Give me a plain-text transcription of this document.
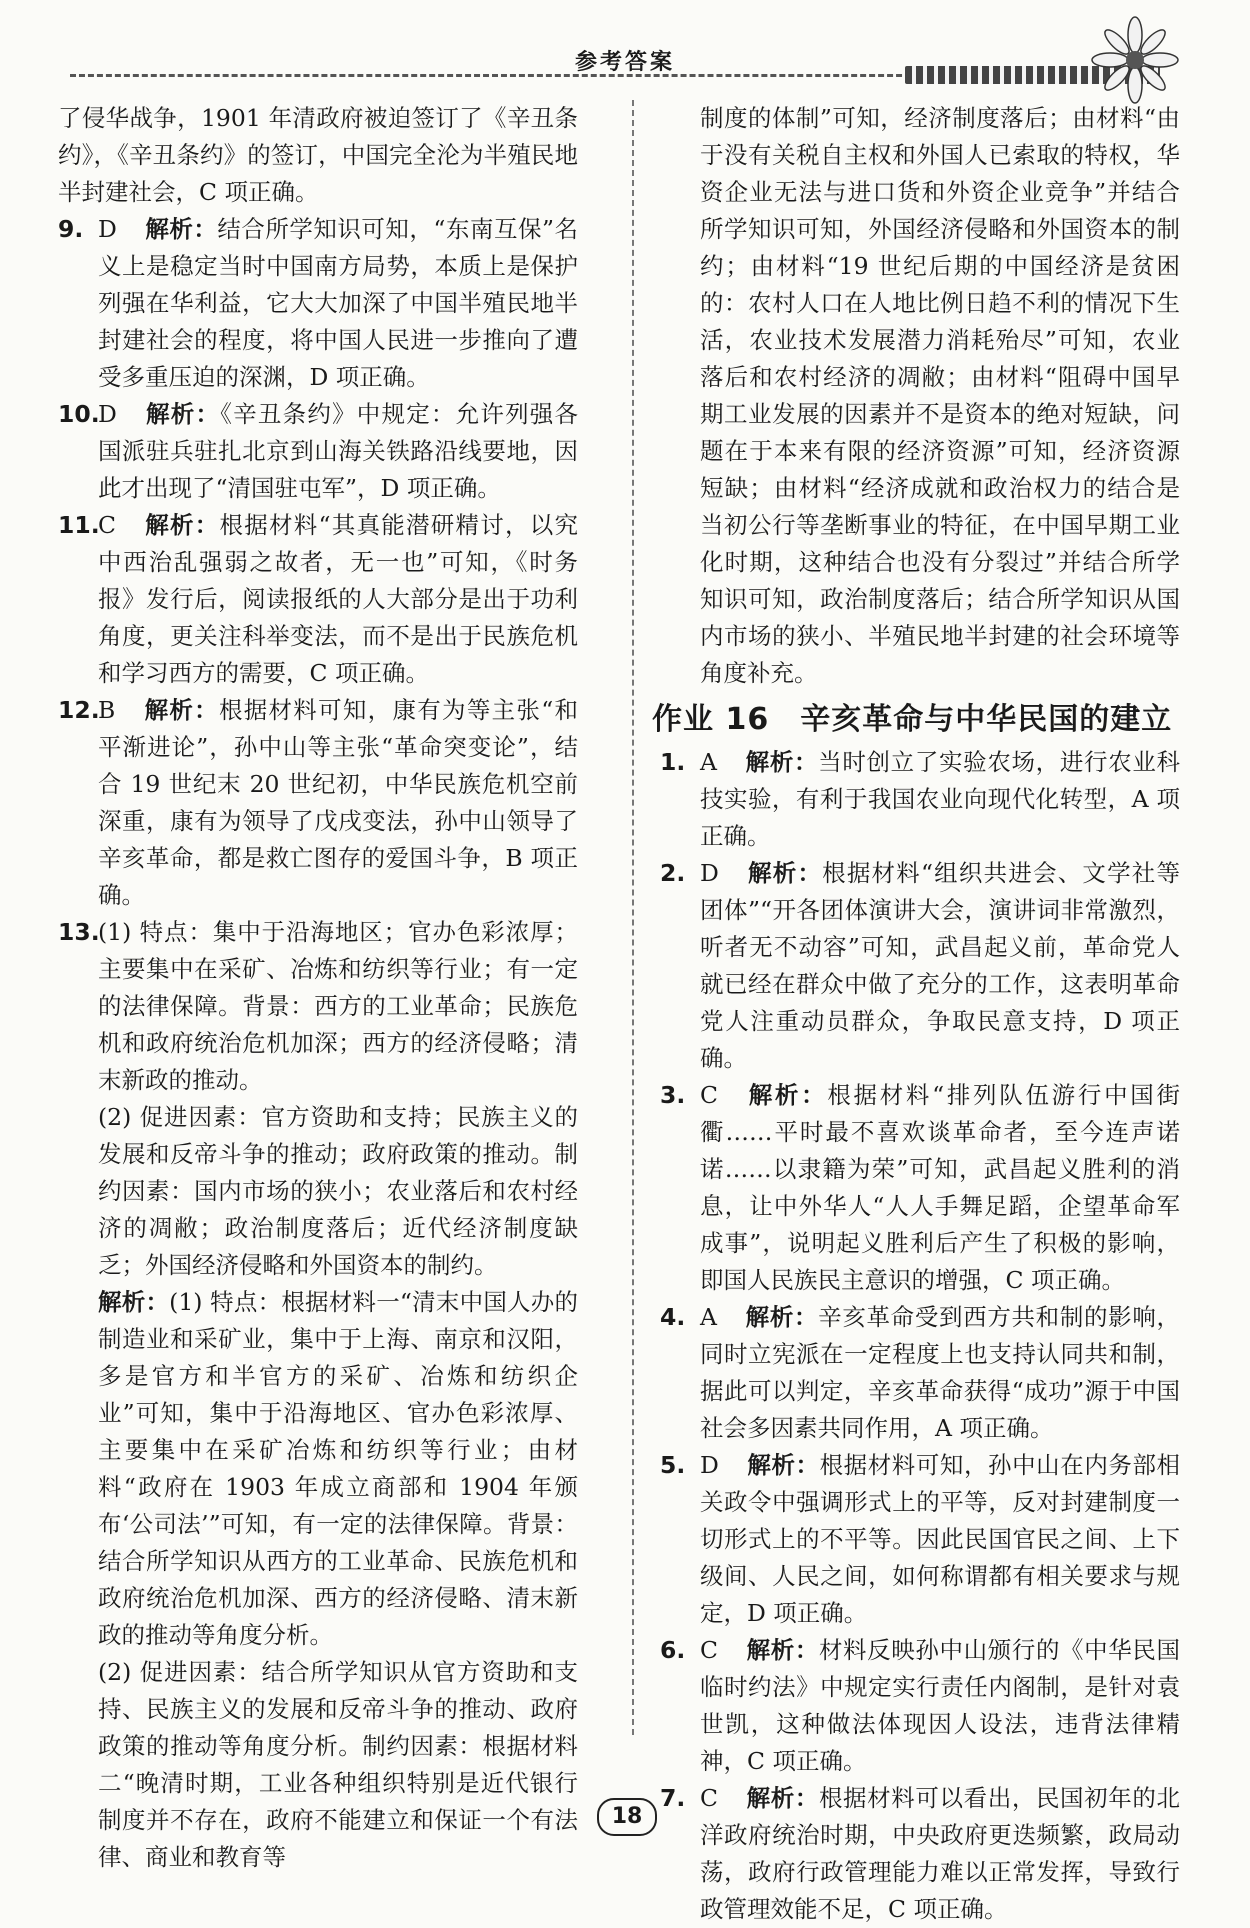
参考答案

了侵华战争，1901 年清政府被迫签订了《辛丑条约》，《辛丑条约》的签订，中国完全沦为半殖民地半封建社会，C 项正确。

9. D 解析：结合所学知识可知，“东南互保”名义上是稳定当时中国南方局势，本质上是保护列强在华利益，它大大加深了中国半殖民地半封建社会的程度，将中国人民进一步推向了遭受多重压迫的深渊，D 项正确。
10.
D 解析：《辛丑条约》中规定：允许列强各国派驻兵驻扎北京到山海关铁路沿线要地，因此才出现了“清国驻屯军”，D 项正确。
11.
C 解析：根据材料“其真能潜研精讨，以究中西治乱强弱之故者，无一也”可知，《时务报》发行后，阅读报纸的人大部分是出于功利角度，更关注科举变法，而不是出于民族危机和学习西方的需要，C 项正确。
12.
B 解析：根据材料可知，康有为等主张“和平渐进论”，孙中山等主张“革命突变论”，结合 19 世纪末 20 世纪初，中华民族危机空前深重，康有为领导了戊戌变法，孙中山领导了辛亥革命，都是救亡图存的爱国斗争，B 项正确。
13.

(1) 特点：集中于沿海地区；官办色彩浓厚；主要集中在采矿、冶炼和纺织等行业；有一定的法律保障。背景：西方的工业革命；民族危机和政府统治危机加深；西方的经济侵略；清末新政的推动。

(2) 促进因素：官方资助和支持；民族主义的发展和反帝斗争的推动；政府政策的推动。制约因素：国内市场的狭小；农业落后和农村经济的凋敝；政治制度落后；近代经济制度缺乏；外国经济侵略和外国资本的制约。

解析：(1) 特点：根据材料一“清末中国人办的制造业和采矿业，集中于上海、南京和汉阳，多是官方和半官方的采矿、冶炼和纺织企业”可知，集中于沿海地区、官办色彩浓厚、主要集中在采矿冶炼和纺织等行业；由材料“政府在 1903 年成立商部和 1904 年颁布‘公司法’”可知，有一定的法律保障。背景：结合所学知识从西方的工业革命、民族危机和政府统治危机加深、西方的经济侵略、清末新政的推动等角度分析。

(2) 促进因素：结合所学知识从官方资助和支持、民族主义的发展和反帝斗争的推动、政府政策的推动等角度分析。制约因素：根据材料二“晚清时期，工业各种组织特别是近代银行制度并不存在，政府不能建立和保证一个有法律、商业和教育等

制度的体制”可知，经济制度落后；由材料“由于没有关税自主权和外国人已索取的特权，华资企业无法与进口货和外资企业竞争”并结合所学知识可知，外国经济侵略和外国资本的制约；由材料“19 世纪后期的中国经济是贫困的：农村人口在人地比例日趋不利的情况下生活，农业技术发展潜力消耗殆尽”可知，农业落后和农村经济的凋敝；由材料“阻碍中国早期工业发展的因素并不是资本的绝对短缺，问题在于本来有限的经济资源”可知，经济资源短缺；由材料“经济成就和政治权力的结合是当初公行等垄断事业的特征，在中国早期工业化时期，这种结合也没有分裂过”并结合所学知识可知，政治制度落后；结合所学知识从国内市场的狭小、半殖民地半封建的社会环境等角度补充。

作业 16　辛亥革命与中华民国的建立
1. A 解析：当时创立了实验农场，进行农业科技实验，有利于我国农业向现代化转型，A 项正确。
2. D 解析：根据材料“组织共进会、文学社等团体”“开各团体演讲大会，演讲词非常激烈，听者无不动容”可知，武昌起义前，革命党人就已经在群众中做了充分的工作，这表明革命党人注重动员群众，争取民意支持，D 项正确。
3. C 解析：根据材料“排列队伍游行中国街衢……平时最不喜欢谈革命者，至今连声诺诺……以隶籍为荣”可知，武昌起义胜利的消息，让中外华人“人人手舞足蹈，企望革命军成事”，说明起义胜利后产生了积极的影响，即国人民族民主意识的增强，C 项正确。
4. A 解析：辛亥革命受到西方共和制的影响，同时立宪派在一定程度上也支持认同共和制，据此可以判定，辛亥革命获得“成功”源于中国社会多因素共同作用，A 项正确。
5. D 解析：根据材料可知，孙中山在内务部相关政令中强调形式上的平等，反对封建制度一切形式上的不平等。因此民国官民之间、上下级间、人民之间，如何称谓都有相关要求与规定，D 项正确。
6. C 解析：材料反映孙中山颁行的《中华民国临时约法》中规定实行责任内阁制，是针对袁世凯，这种做法体现因人设法，违背法律精神，C 项正确。
7. C 解析：根据材料可以看出，民国初年的北洋政府统治时期，中央政府更迭频繁，政局动荡，政府行政管理能力难以正常发挥，导致行政管理效能不足，C 项正确。
18
